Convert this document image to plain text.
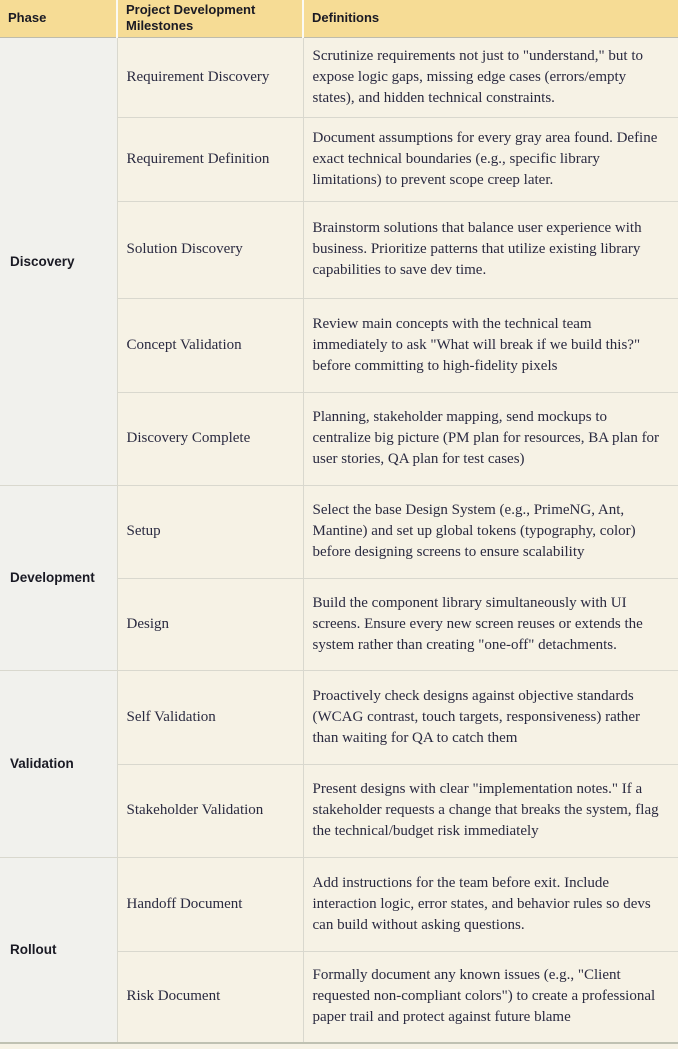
Phase	Project Development Milestones	Definitions
Discovery	Requirement Discovery	Scrutinize requirements not just to "understand," but to expose logic gaps, missing edge cases (errors/empty states), and hidden technical constraints.
	Requirement Definition	Document assumptions for every gray area found. Define exact technical boundaries (e.g., specific library limitations) to prevent scope creep later.
	Solution Discovery	Brainstorm solutions that balance user experience with business. Prioritize patterns that utilize existing library capabilities to save dev time.
	Concept Validation	Review main concepts with the technical team immediately to ask "What will break if we build this?" before committing to high-fidelity pixels
	Discovery Complete	Planning, stakeholder mapping, send mockups to centralize big picture (PM plan for resources, BA plan for user stories, QA plan for test cases)
Development	Setup	Select the base Design System (e.g., PrimeNG, Ant, Mantine) and set up global tokens (typography, color) before designing screens to ensure scalability
	Design	Build the component library simultaneously with UI screens. Ensure every new screen reuses or extends the system rather than creating "one-off" detachments.
Validation	Self Validation	Proactively check designs against objective standards (WCAG contrast, touch targets, responsiveness) rather than waiting for QA to catch them
	Stakeholder Validation	Present designs with clear "implementation notes." If a stakeholder requests a change that breaks the system, flag the technical/budget risk immediately
Rollout	Handoff Document	Add instructions for the team before exit. Include interaction logic, error states, and behavior rules so devs can build without asking questions.
	Risk Document	Formally document any known issues (e.g., "Client requested non-compliant colors") to create a professional paper trail and protect against future blame
